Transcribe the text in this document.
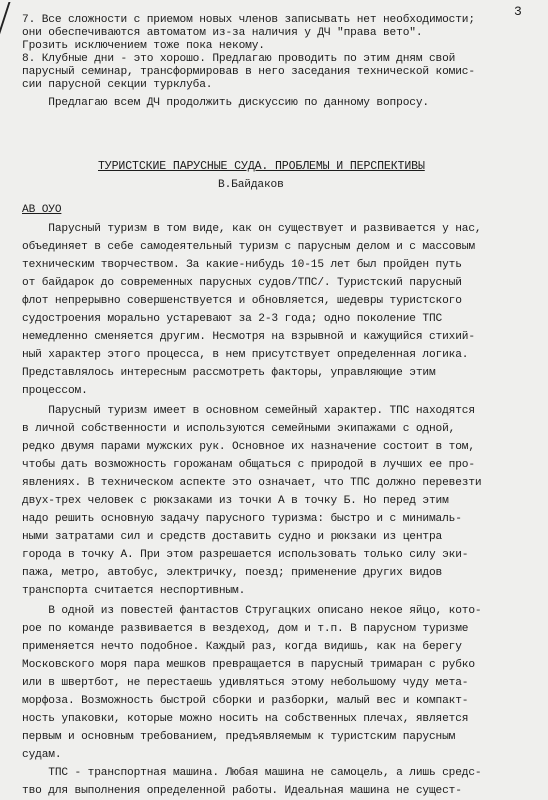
3
7. Все сложности с приемом новых членов записывать нет необходимости;
они обеспечиваются автоматом из-за наличия у ДЧ "права вето".
Грозить исключением тоже пока некому.
8. Клубные дни - это хорошо. Предлагаю проводить по этим дням свой
парусный семинар, трансформировав в него заседания технической комис-
сии парусной секции турклуба.
Предлагаю всем ДЧ продолжить дискуссию по данному вопросу.
ТУРИСТСКИЕ ПАРУСНЫЕ СУДА. ПРОБЛЕМЫ И ПЕРСПЕКТИВЫ
В.Байдаков
АВ ОУО
Парусный туризм в том виде, как он существует и развивается у нас,
объединяет в себе самодеятельный туризм с парусным делом и с массовым
техническим творчеством. За какие-нибудь 10-15 лет был пройден путь
от байдарок до современных парусных судов/ТПС/. Туристский парусный
флот непрерывно совершенствуется и обновляется, шедевры туристского
судостроения морально устаревают за 2-3 года; одно поколение ТПС
немедленно сменяется другим. Несмотря на взрывной и кажущийся стихий-
ный характер этого процесса, в нем присутствует определенная логика.
Представлялось интересным рассмотреть факторы, управляющие этим
процессом.
Парусный туризм имеет в основном семейный характер. ТПС находятся
в личной собственности и используются семейными экипажами с одной,
редко двумя парами мужских рук. Основное их назначение состоит в том,
чтобы дать возможность горожанам общаться с природой в лучших ее про-
явлениях. В техническом аспекте это означает, что ТПС должно перевезти
двух-трех человек с рюкзаками из точки А в точку Б. Но перед этим
надо решить основную задачу парусного туризма: быстро и с минималь-
ными затратами сил и средств доставить судно и рюкзаки из центра
города в точку А. При этом разрешается использовать только силу эки-
пажа, метро, автобус, электричку, поезд; применение других видов
транспорта считается неспортивным.
В одной из повестей фантастов Стругацких описано некое яйцо, кото-
рое по команде развивается в вездеход, дом и т.п. В парусном туризме
применяется нечто подобное. Каждый раз, когда видишь, как на берегу
Московского моря пара мешков превращается в парусный тримаран с рубко
или в швертбот, не перестаешь удивляться этому небольшому чуду мета-
морфоза. Возможность быстрой сборки и разборки, малый вес и компакт-
ность упаковки, которые можно носить на собственных плечах, является
первым и основным требованием, предъявляемым к туристским парусным
судам.
ТПС - транспортная машина. Любая машина не самоцель, а лишь средс-
тво для выполнения определенной работы. Идеальная машина не сущест-
